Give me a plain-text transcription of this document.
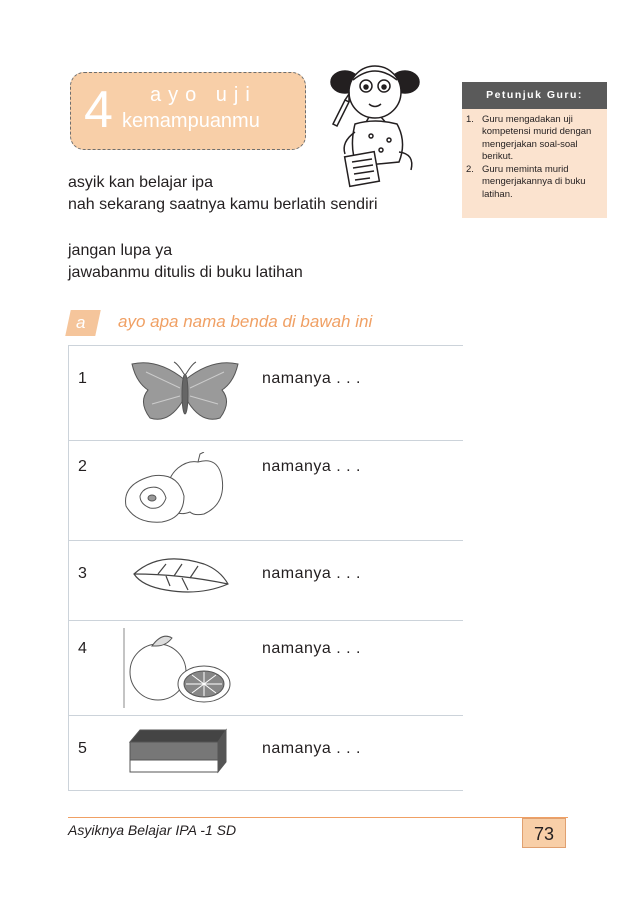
4 ayo uji
kemampuanmu
Petunjuk Guru:
1. Guru mengadakan uji kompetensi murid dengan mengerjakan soal-soal berikut.
2. Guru meminta murid mengerjakannya di buku latihan.
asyik kan belajar ipa
nah sekarang saatnya kamu berlatih sendiri
jangan lupa ya
jawabanmu ditulis di buku latihan
a ayo apa nama benda di bawah ini
1	namanya . . .
2	namanya . . .
3	namanya . . .
4	namanya . . .
5	namanya . . .
Asyiknya Belajar IPA -1 SD	73
